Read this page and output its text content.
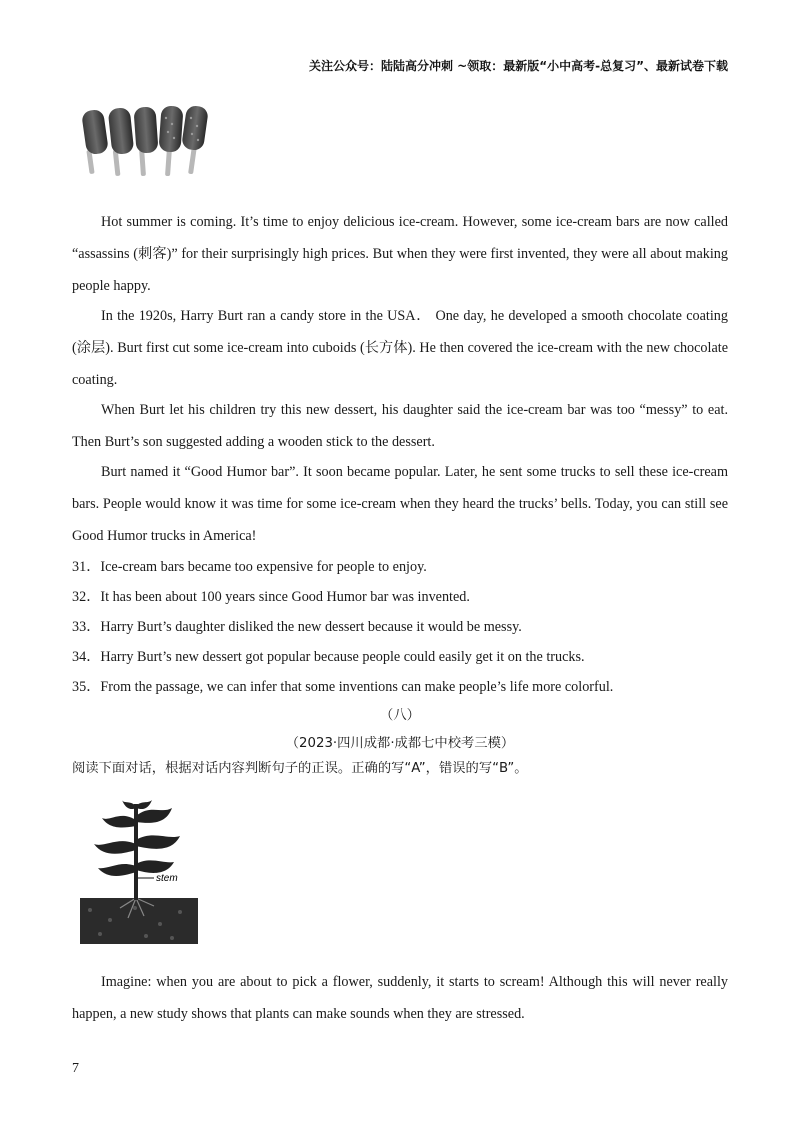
关注公众号：陆陆高分冲刺 ~领取：最新版“小中高考-总复习”、最新试卷下载

Hot summer is coming. It’s time to enjoy delicious ice-cream. However, some ice-cream bars are now called “assassins (刺客)” for their surprisingly high prices. But when they were first invented, they were all about making people happy.

In the 1920s, Harry Burt ran a candy store in the USA． One day, he developed a smooth chocolate coating (涂层). Burt first cut some ice-cream into cuboids (长方体). He then covered the ice-cream with the new chocolate coating.

When Burt let his children try this new dessert, his daughter said the ice-cream bar was too “messy” to eat. Then Burt’s son suggested adding a wooden stick to the dessert.

Burt named it “Good Humor bar”. It soon became popular. Later, he sent some trucks to sell these ice-cream bars. People would know it was time for some ice-cream when they heard the trucks’ bells. Today, you can still see Good Humor trucks in America!

31．Ice-cream bars became too expensive for people to enjoy.

32．It has been about 100 years since Good Humor bar was invented.

33．Harry Burt’s daughter disliked the new dessert because it would be messy.

34．Harry Burt’s new dessert got popular because people could easily get it on the trucks.

35．From the passage, we can infer that some inventions can make people’s life more colorful.

（八）
（2023·四川成都·成都七中校考三模）
阅读下面对话，根据对话内容判断句子的正误。正确的写“A”，错误的写“B”。
stem

Imagine: when you are about to pick a flower, suddenly, it starts to scream! Although this will never really happen, a new study shows that plants can make sounds when they are stressed.

7
